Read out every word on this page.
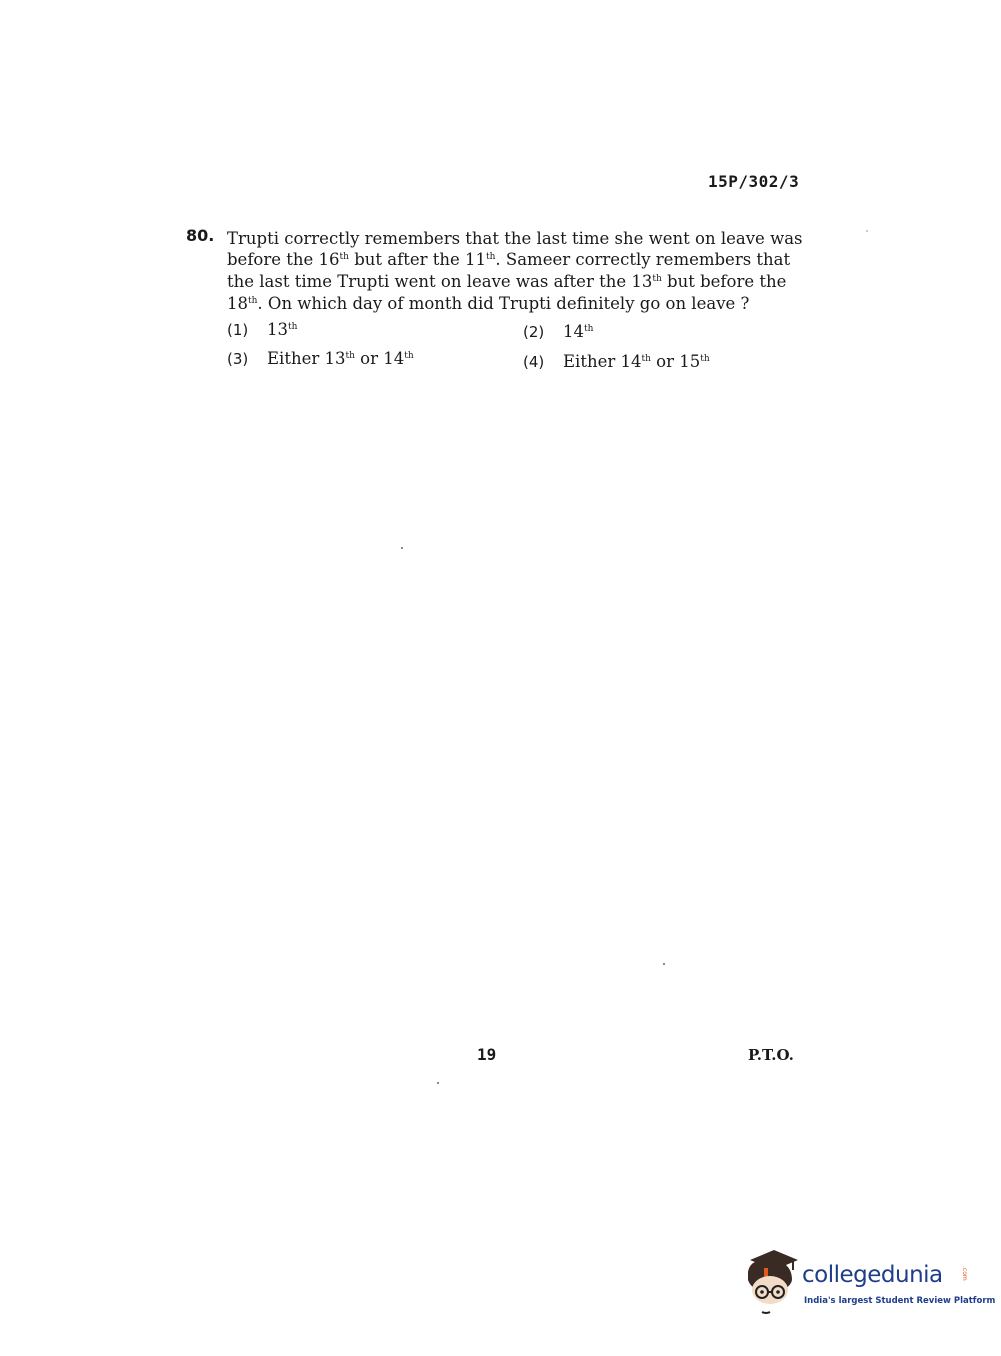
15P/302/3
80. Trupti correctly remembers that the last time she went on leave was
before the 16th but after the 11th. Sameer correctly remembers that
the last time Trupti went on leave was after the 13th but before the
18th. On which day of month did Trupti definitely go on leave ?
(1) 13th	(2) 14th
(3) Either 13th or 14th	(4) Either 14th or 15th
19	P.T.O.
collegedunia	.com
India's largest Student Review Platform
